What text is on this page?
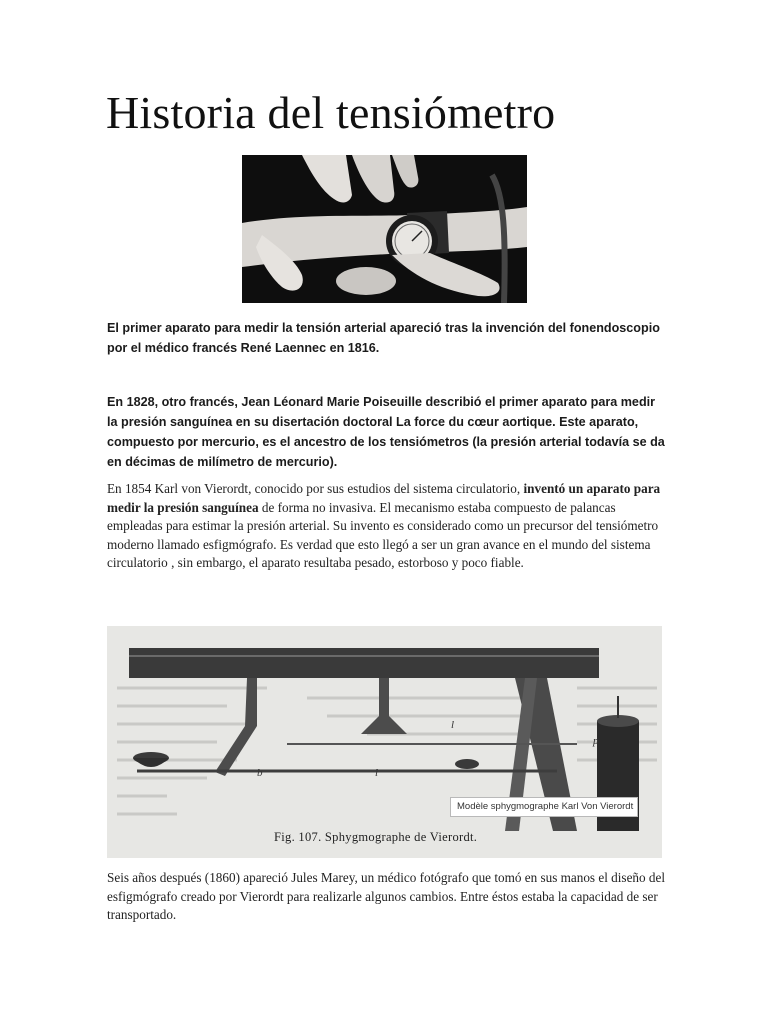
Historia del tensiómetro

El primer aparato para medir la tensión arterial apareció tras la invención del fonendoscopio por el médico francés René Laennec en 1816.

En 1828, otro francés, Jean Léonard Marie Poiseuille describió el primer aparato para medir la presión sanguínea en su disertación doctoral La force du cœur aortique. Este aparato, compuesto por mercurio, es el ancestro de los tensiómetros (la presión arterial todavía se da en décimas de milímetro de mercurio).

En 1854 Karl von Vierordt, conocido por sus estudios del sistema circulatorio, inventó un aparato para medir la presión sanguínea de forma no invasiva. El mecanismo estaba compuesto de palancas empleadas para estimar la presión arterial. Su invento es considerado como un precursor del tensiómetro moderno llamado esfigmógrafo. Es verdad que esto llegó a ser un gran avance en el mundo del sistema circulatorio , sin embargo, el aparato resultaba pesado, estorboso y poco fiable.

b	l
l
p
Fig. 107. Sphygmographe de Vierordt.
Modèle sphygmographe Karl Von Vierordt

Seis años después (1860) apareció Jules Marey, un médico fotógrafo que tomó en sus manos el diseño del esfigmógrafo creado por Vierordt para realizarle algunos cambios. Entre éstos estaba la capacidad de ser transportado.
